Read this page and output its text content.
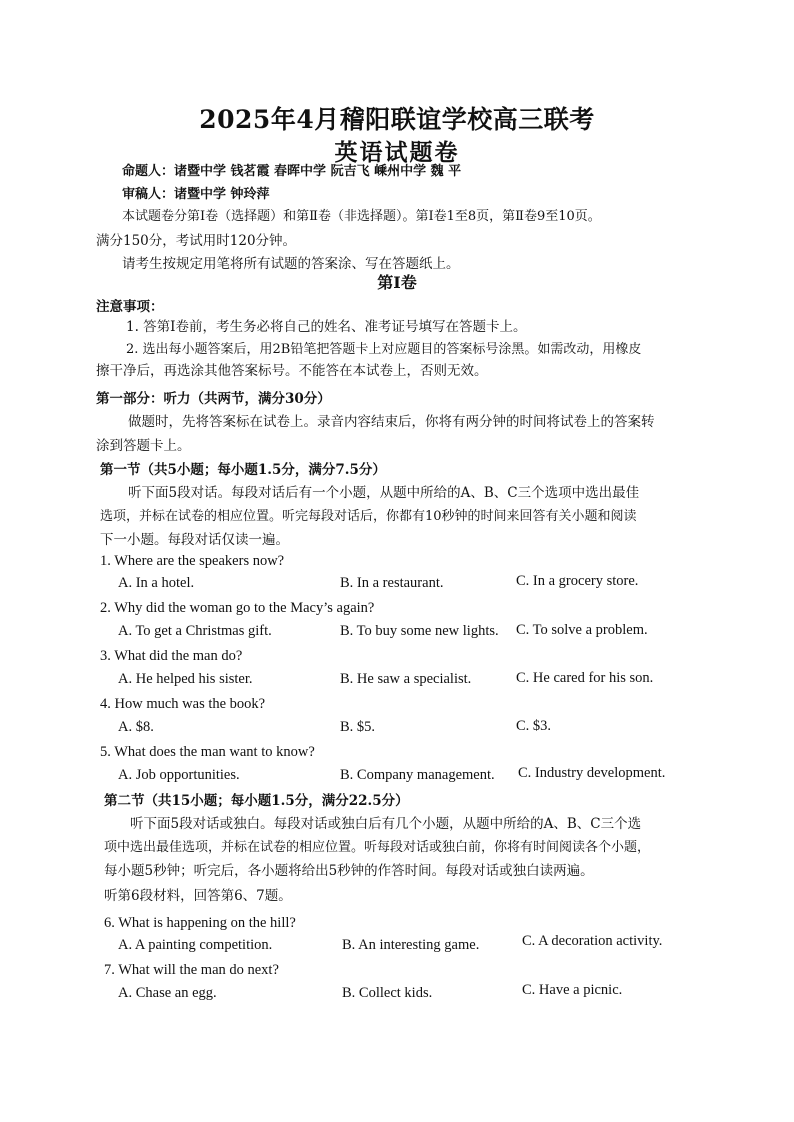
2025年4月稽阳联谊学校高三联考
英语试题卷
命题人：诸暨中学 钱茗霞 春晖中学 阮吉飞 嵊州中学 魏 平
审稿人：诸暨中学 钟玲萍
本试题卷分第Ⅰ卷（选择题）和第Ⅱ卷（非选择题）。第Ⅰ卷1至8页，第Ⅱ卷9至10页。
满分150分，考试用时120分钟。
请考生按规定用笔将所有试题的答案涂、写在答题纸上。
第Ⅰ卷
注意事项：
1. 答第Ⅰ卷前，考生务必将自己的姓名、准考证号填写在答题卡上。
2. 选出每小题答案后，用2B铅笔把答题卡上对应题目的答案标号涂黑。如需改动，用橡皮
擦干净后，再选涂其他答案标号。不能答在本试卷上，否则无效。
第一部分：听力（共两节，满分30分）
做题时，先将答案标在试卷上。录音内容结束后，你将有两分钟的时间将试卷上的答案转
涂到答题卡上。
第一节（共5小题；每小题1.5分，满分7.5分）
听下面5段对话。每段对话后有一个小题，从题中所给的A、B、C三个选项中选出最佳
选项，并标在试卷的相应位置。听完每段对话后，你都有10秒钟的时间来回答有关小题和阅读
下一小题。每段对话仅读一遍。
1. Where are the speakers now?
A. In a hotel.	B. In a restaurant.	C. In a grocery store.
2. Why did the woman go to the Macy’s again?
A. To get a Christmas gift.	B. To buy some new lights. C. To solve a problem.
3. What did the man do?
A. He helped his sister.	B. He saw a specialist.	C. He cared for his son.
4. How much was the book?
A. $8.	B. $5.	C. $3.
5. What does the man want to know?
A. Job opportunities.	B. Company management. C. Industry development.
第二节（共15小题；每小题1.5分，满分22.5分）
听下面5段对话或独白。每段对话或独白后有几个小题，从题中所给的A、B、C三个选
项中选出最佳选项，并标在试卷的相应位置。听每段对话或独白前，你将有时间阅读各个小题，
每小题5秒钟；听完后，各小题将给出5秒钟的作答时间。每段对话或独白读两遍。
听第6段材料，回答第6、7题。
6. What is happening on the hill?
A. A painting competition.	B. An interesting game.	C. A decoration activity.
7. What will the man do next?
A. Chase an egg.	B. Collect kids.	C. Have a picnic.
